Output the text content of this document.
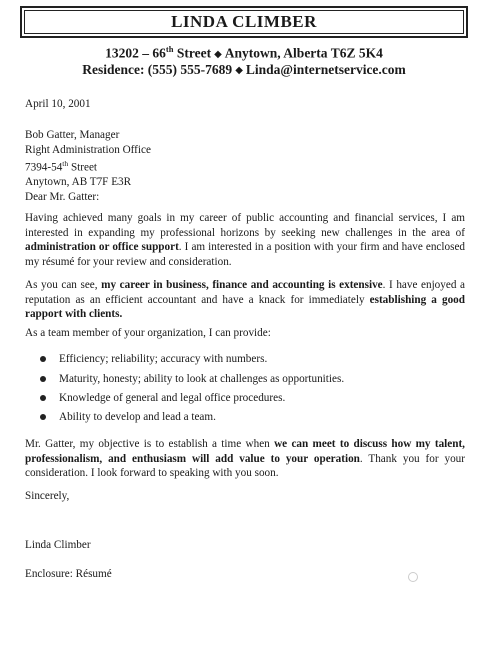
LINDA CLIMBER
13202 – 66th Street ◆ Anytown, Alberta T6Z 5K4
Residence: (555) 555-7689 ◆ Linda@internetservice.com
April 10, 2001
Bob Gatter, Manager
Right Administration Office
7394-54th Street
Anytown, AB T7F E3R
Dear Mr. Gatter:
Having achieved many goals in my career of public accounting and financial services, I am
interested in expanding my professional horizons by seeking new challenges in the area of
administration or office support. I am interested in a position with your firm and have enclosed
my résumé for your review and consideration.
As you can see, my career in business, finance and accounting is extensive. I have enjoyed a
reputation as an efficient accountant and have a knack for immediately establishing a good
rapport with clients.
As a team member of your organization, I can provide:
Efficiency; reliability; accuracy with numbers.
Maturity, honesty; ability to look at challenges as opportunities.
Knowledge of general and legal office procedures.
Ability to develop and lead a team.
Mr. Gatter, my objective is to establish a time when we can meet to discuss how my talent,
professionalism, and enthusiasm will add value to your operation. Thank you for your
consideration. I look forward to speaking with you soon.
Sincerely,
Linda Climber
Enclosure: Résumé
